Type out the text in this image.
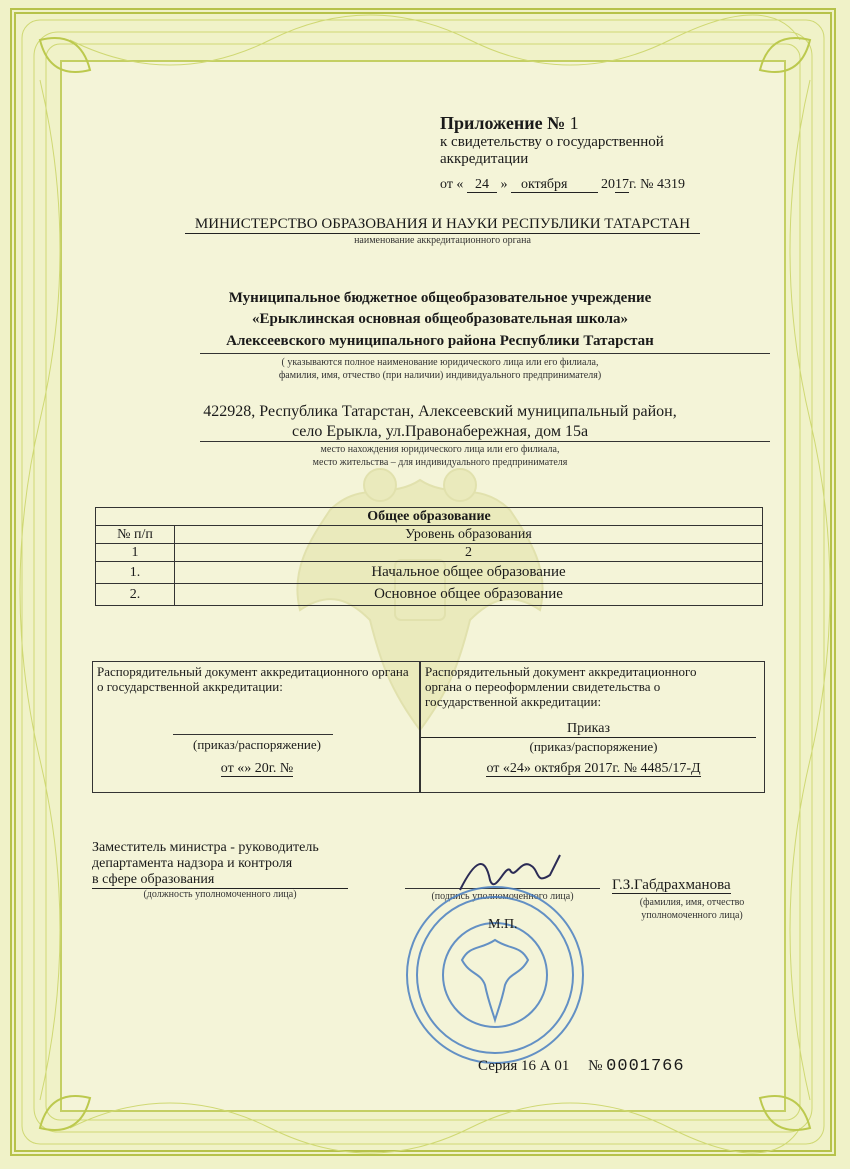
Приложение № 1
к свидетельству о государственной
аккредитации
от « 24 » октября 2017г. № 4319
МИНИСТЕРСТВО ОБРАЗОВАНИЯ И НАУКИ РЕСПУБЛИКИ ТАТАРСТАН
наименование аккредитационного органа
Муниципальное бюджетное общеобразовательное учреждение
«Ерыклинская основная общеобразовательная школа»
Алексеевского муниципального района Республики Татарстан
( указываются полное наименование юридического лица или его филиала,
фамилия, имя, отчество (при наличии) индивидуального предпринимателя)
422928, Республика Татарстан, Алексеевский муниципальный район,
село Ерыкла, ул.Правонабережная, дом 15а
место нахождения юридического лица или его филиала,
место жительства – для индивидуального предпринимателя
Общее образование	
№ п/п	Уровень образования
1	2
1.	Начальное общее образование
2.	Основное общее образование
Распорядительный документ аккредитационного органа о государственной аккредитации:
(приказ/распоряжение)
от «» 20г. №
Распорядительный документ аккредитационного органа о переоформлении свидетельства о государственной аккредитации:
Приказ
(приказ/распоряжение)
от «24» октября 2017г. № 4485/17-Д
Заместитель министра - руководитель
департамента надзора и контроля
в сфере образования
(должность уполномоченного лица)	(подпись уполномоченного лица)
М.П.
Г.З.Габдрахманова
(фамилия, имя, отчество
уполномоченного лица)
Серия 16 А 01 № 0001766
